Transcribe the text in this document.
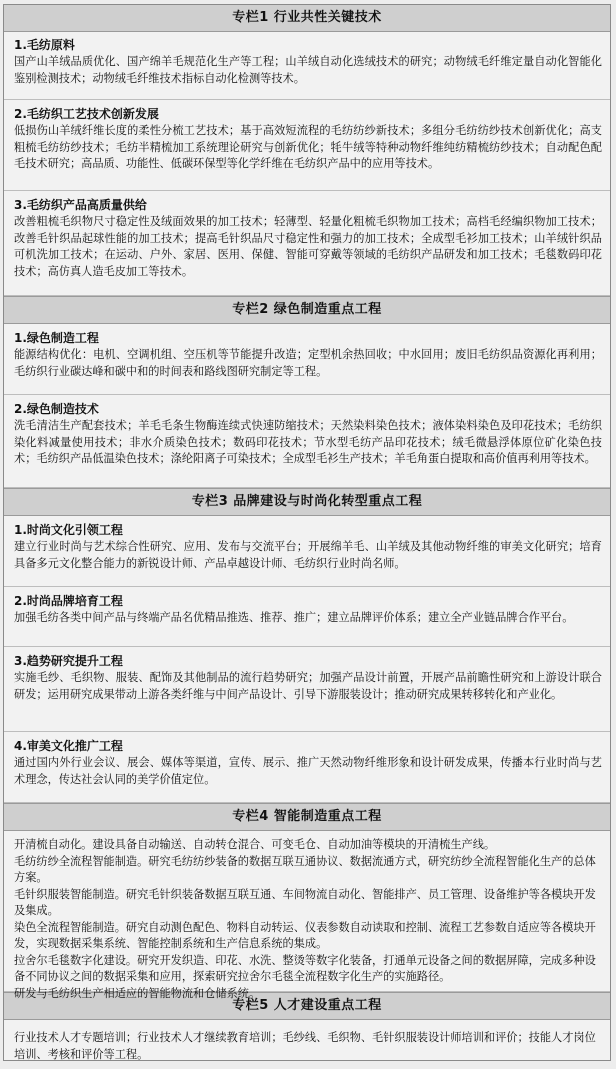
专栏1 行业共性关键技术
1.毛纺原料
国产山羊绒品质优化、国产绵羊毛规范化生产等工程；山羊绒自动化选绒技术的研究；动物绒毛纤维定量自动化智能化鉴别检测技术；动物绒毛纤维技术指标自动化检测等技术。
2.毛纺织工艺技术创新发展
低损伤山羊绒纤维长度的柔性分梳工艺技术；基于高效短流程的毛纺纺纱新技术；多组分毛纺纺纱技术创新优化；高支粗梳毛纺纺纱技术；毛纺半精梳加工系统理论研究与创新优化；牦牛绒等特种动物纤维纯纺精梳纺纱技术；自动配色配毛技术研究；高品质、功能性、低碳环保型等化学纤维在毛纺织产品中的应用等技术。
3.毛纺织产品高质量供给
改善粗梳毛织物尺寸稳定性及绒面效果的加工技术；轻薄型、轻量化粗梳毛织物加工技术；高档毛经编织物加工技术；改善毛针织品起球性能的加工技术；提高毛针织品尺寸稳定性和强力的加工技术；全成型毛衫加工技术；山羊绒针织品可机洗加工技术；在运动、户外、家居、医用、保健、智能可穿戴等领域的毛纺织产品研发和加工技术；毛毯数码印花技术；高仿真人造毛皮加工等技术。
专栏2 绿色制造重点工程
1.绿色制造工程
能源结构优化：电机、空调机组、空压机等节能提升改造；定型机余热回收；中水回用；废旧毛纺织品资源化再利用；毛纺织行业碳达峰和碳中和的时间表和路线图研究制定等工程。
2.绿色制造技术
洗毛清洁生产配套技术；羊毛毛条生物酶连续式快速防缩技术；天然染料染色技术；液体染料染色及印花技术；毛纺织染化料减量使用技术；非水介质染色技术；数码印花技术；节水型毛纺产品印花技术；绒毛微悬浮体原位矿化染色技术；毛纺织产品低温染色技术；涤纶阳离子可染技术；全成型毛衫生产技术；羊毛角蛋白提取和高价值再利用等技术。
专栏3 品牌建设与时尚化转型重点工程
1.时尚文化引领工程
建立行业时尚与艺术综合性研究、应用、发布与交流平台；开展绵羊毛、山羊绒及其他动物纤维的审美文化研究；培育具备多元文化整合能力的新锐设计师、产品卓越设计师、毛纺织行业时尚名师。
2.时尚品牌培育工程
加强毛纺各类中间产品与终端产品名优精品推选、推荐、推广；建立品牌评价体系；建立全产业链品牌合作平台。
3.趋势研究提升工程
实施毛纱、毛织物、服装、配饰及其他制品的流行趋势研究；加强产品设计前置，开展产品前瞻性研究和上游设计联合研发；运用研究成果带动上游各类纤维与中间产品设计、引导下游服装设计；推动研究成果转移转化和产业化。
4.审美文化推广工程
通过国内外行业会议、展会、媒体等渠道，宣传、展示、推广天然动物纤维形象和设计研发成果，传播本行业时尚与艺术理念，传达社会认同的美学价值定位。
专栏4 智能制造重点工程
开清梳自动化。建设具备自动输送、自动转仓混合、可变毛仓、自动加油等模块的开清梳生产线。
毛纺纺纱全流程智能制造。研究毛纺纺纱装备的数据互联互通协议、数据流通方式，研究纺纱全流程智能化生产的总体方案。
毛针织服装智能制造。研究毛针织装备数据互联互通、车间物流自动化、智能排产、员工管理、设备维护等各模块开发及集成。
染色全流程智能制造。研究自动测色配色、物料自动转运、仪表参数自动读取和控制、流程工艺参数自适应等各模块开发，实现数据采集系统、智能控制系统和生产信息系统的集成。
拉舍尔毛毯数字化建设。研究开发织造、印花、水洗、整烫等数字化装备，打通单元设备之间的数据屏障，完成多种设备不同协议之间的数据采集和应用，探索研究拉舍尔毛毯全流程数字化生产的实施路径。
研发与毛纺织生产相适应的智能物流和仓储系统。
专栏5 人才建设重点工程
行业技术人才专题培训；行业技术人才继续教育培训；毛纱线、毛织物、毛针织服装设计师培训和评价；技能人才岗位培训、考核和评价等工程。
